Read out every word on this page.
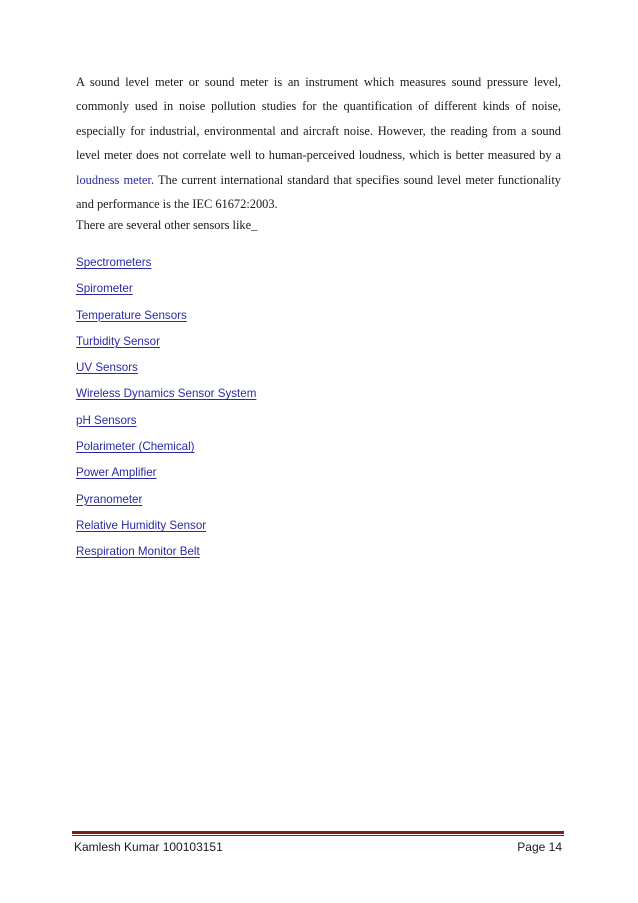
A sound level meter or sound meter is an instrument which measures sound pressure level, commonly used in noise pollution studies for the quantification of different kinds of noise, especially for industrial, environmental and aircraft noise. However, the reading from a sound level meter does not correlate well to human-perceived loudness, which is better measured by a loudness meter. The current international standard that specifies sound level meter functionality and performance is the IEC 61672:2003.

There are several other sensors like_

Spectrometers
Spirometer
Temperature Sensors
Turbidity Sensor
UV Sensors
Wireless Dynamics Sensor System
pH Sensors
Polarimeter (Chemical)
Power Amplifier
Pyranometer
Relative Humidity Sensor
Respiration Monitor Belt
Kamlesh Kumar 100103151	Page 14
